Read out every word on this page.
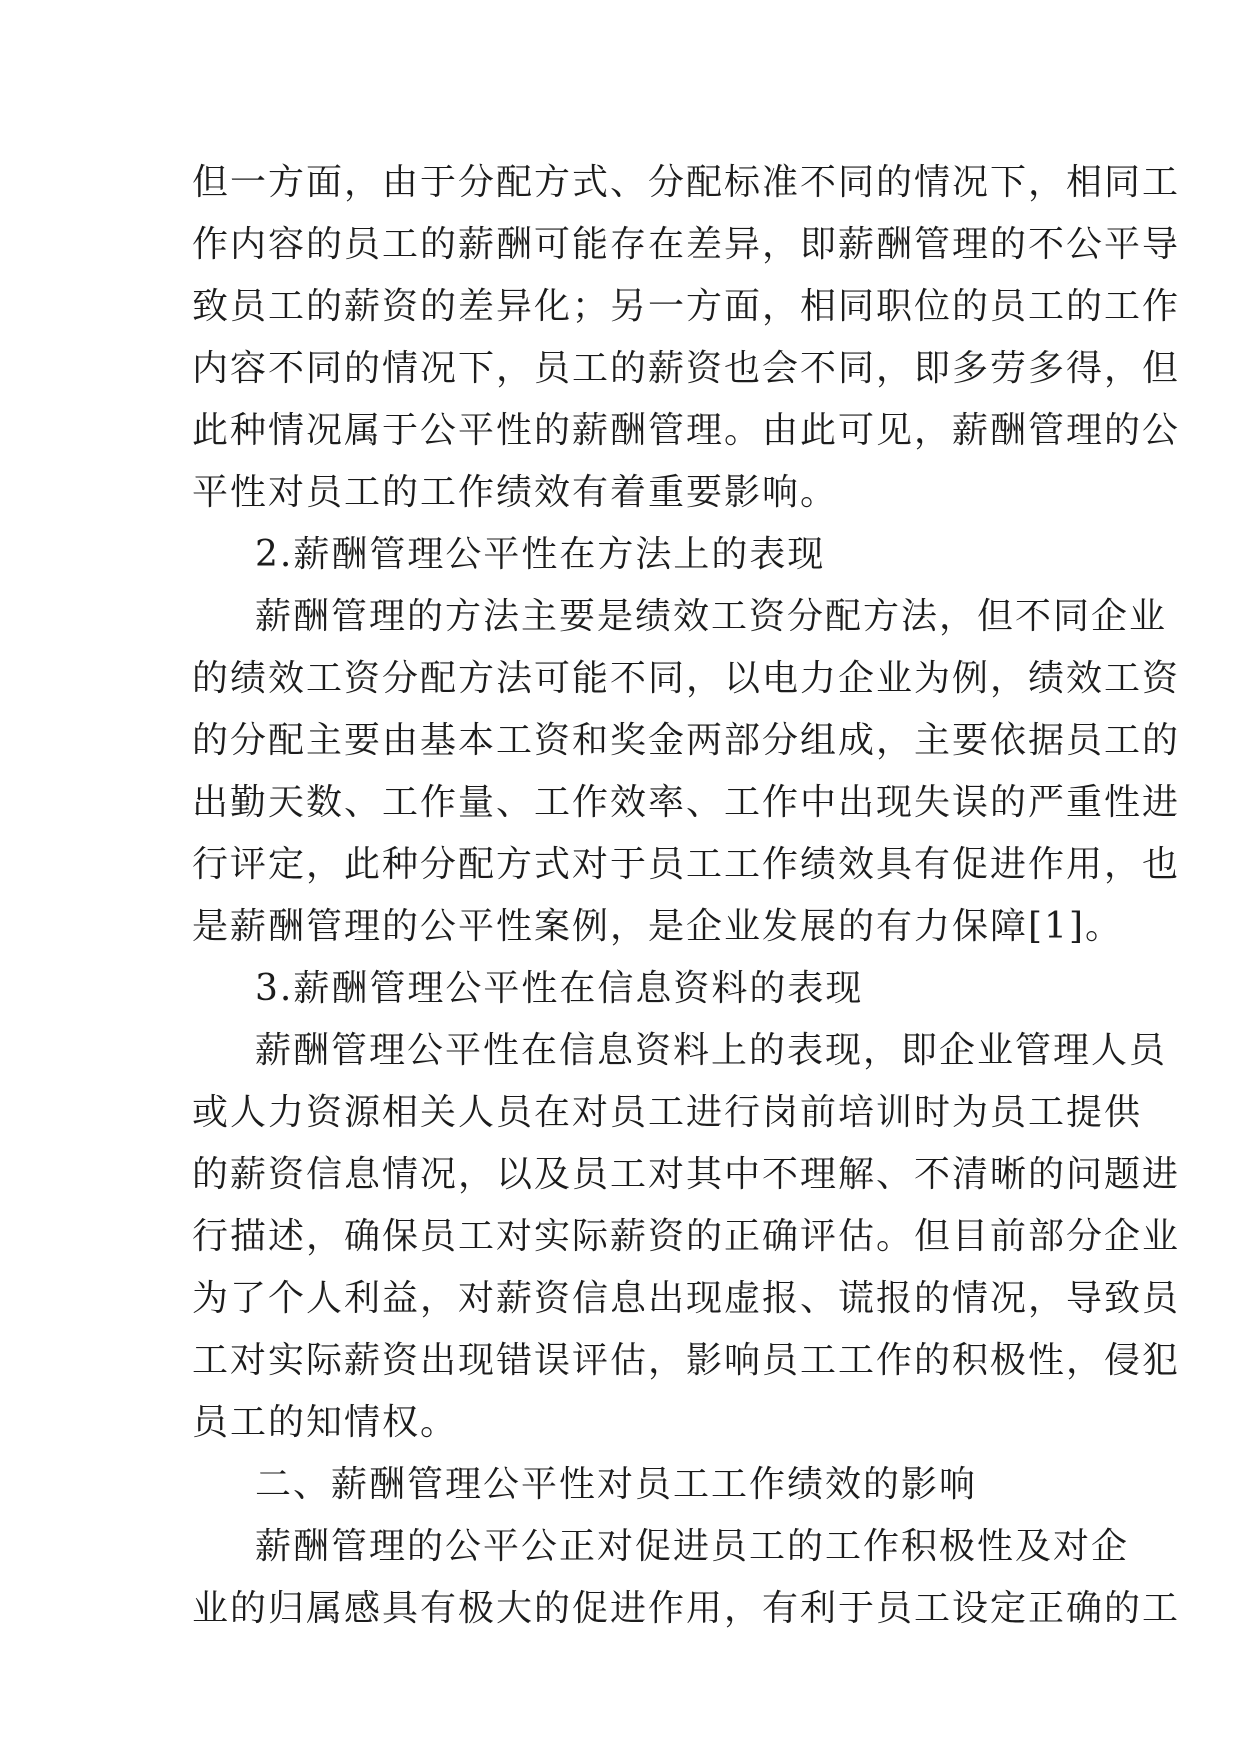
但一方面，由于分配方式、分配标准不同的情况下，相同工
作内容的员工的薪酬可能存在差异，即薪酬管理的不公平导
致员工的薪资的差异化；另一方面，相同职位的员工的工作
内容不同的情况下，员工的薪资也会不同，即多劳多得，但
此种情况属于公平性的薪酬管理。由此可见，薪酬管理的公
平性对员工的工作绩效有着重要影响。
2.薪酬管理公平性在方法上的表现
薪酬管理的方法主要是绩效工资分配方法，但不同企业
的绩效工资分配方法可能不同，以电力企业为例，绩效工资
的分配主要由基本工资和奖金两部分组成，主要依据员工的
出勤天数、工作量、工作效率、工作中出现失误的严重性进
行评定，此种分配方式对于员工工作绩效具有促进作用，也
是薪酬管理的公平性案例，是企业发展的有力保障[1]。
3.薪酬管理公平性在信息资料的表现
薪酬管理公平性在信息资料上的表现，即企业管理人员
或人力资源相关人员在对员工进行岗前培训时为员工提供
的薪资信息情况，以及员工对其中不理解、不清晰的问题进
行描述，确保员工对实际薪资的正确评估。但目前部分企业
为了个人利益，对薪资信息出现虚报、谎报的情况，导致员
工对实际薪资出现错误评估，影响员工工作的积极性，侵犯
员工的知情权。
二、薪酬管理公平性对员工工作绩效的影响
薪酬管理的公平公正对促进员工的工作积极性及对企
业的归属感具有极大的促进作用，有利于员工设定正确的工
